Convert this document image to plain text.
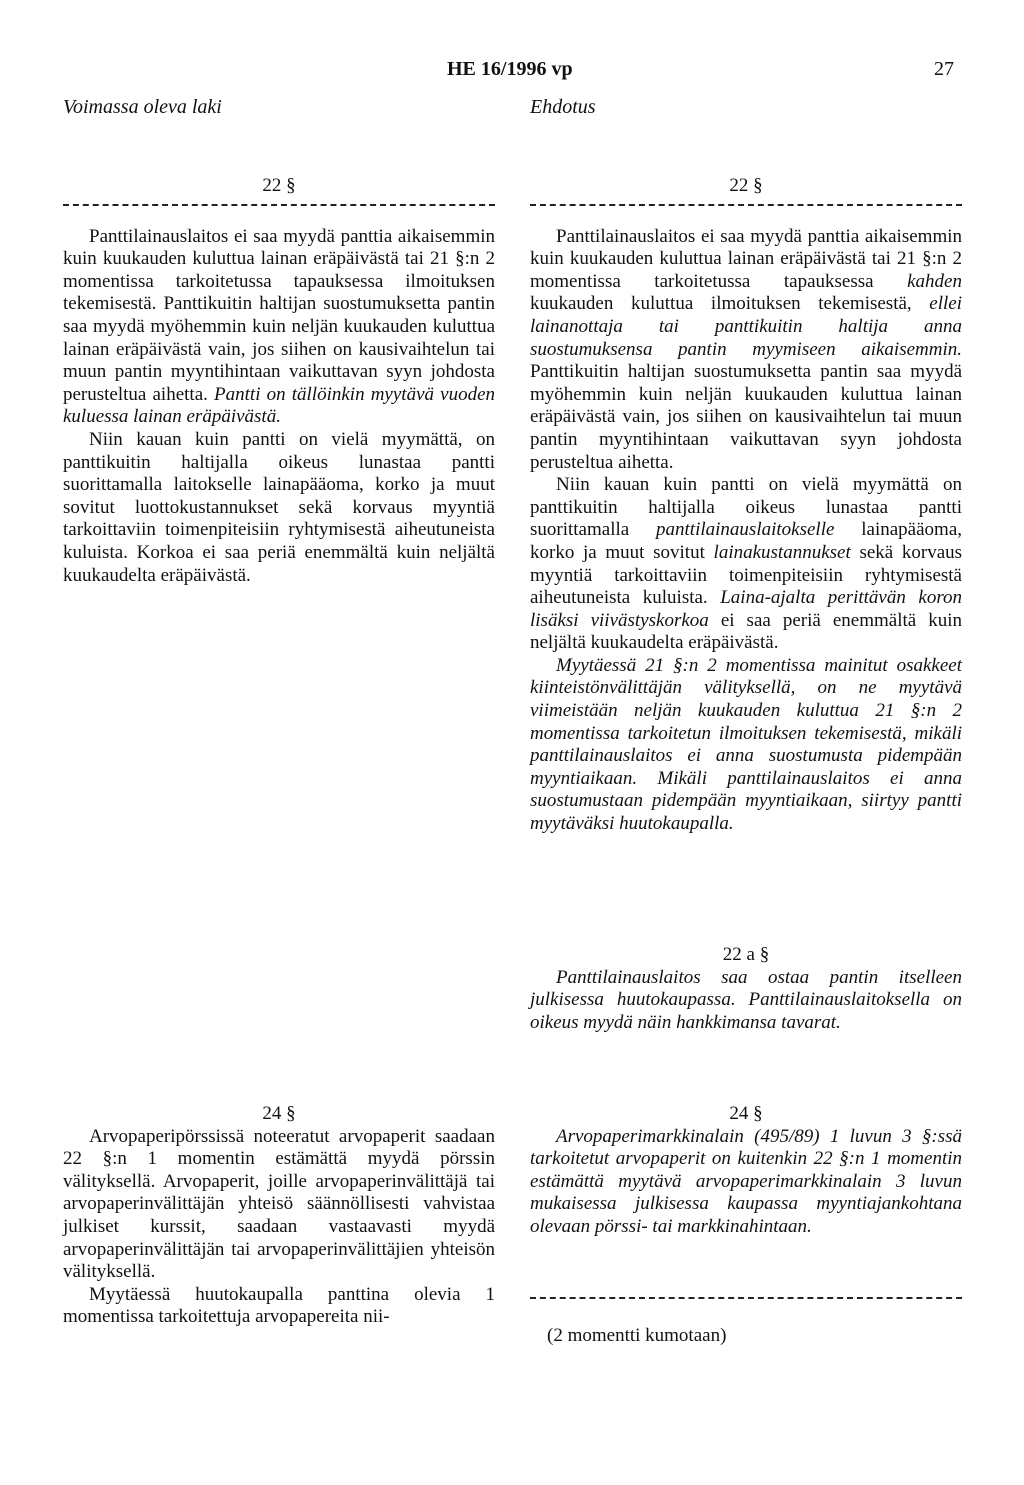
HE 16/1996 vp	27
Voimassa oleva laki	Ehdotus
22 §

Panttilainauslaitos ei saa myydä panttia aikaisemmin kuin kuukauden kuluttua lainan eräpäivästä tai 21 §:n 2 momentissa tarkoitetussa tapauksessa ilmoituksen tekemisestä. Panttikuitin haltijan suostumuksetta pantin saa myydä myöhemmin kuin neljän kuukauden kuluttua lainan eräpäivästä vain, jos siihen on kausivaihtelun tai muun pantin myyntihintaan vaikuttavan syyn johdosta perusteltua aihetta. Pantti on tällöinkin myytävä vuoden kuluessa lainan eräpäivästä.

Niin kauan kuin pantti on vielä myymättä, on panttikuitin haltijalla oikeus lunastaa pantti suorittamalla laitokselle lainapääoma, korko ja muut sovitut luottokustannukset sekä korvaus myyntiä tarkoittaviin toimenpiteisiin ryhtymisestä aiheutuneista kuluista. Korkoa ei saa periä enemmältä kuin neljältä kuukaudelta eräpäivästä.

24 §

Arvopaperipörssissä noteeratut arvopaperit saadaan 22 §:n 1 momentin estämättä myydä pörssin välityksellä. Arvopaperit, joille arvopaperinvälittäjä tai arvopaperinvälittäjän yhteisö säännöllisesti vahvistaa julkiset kurssit, saadaan vastaavasti myydä arvopaperinvälittäjän tai arvopaperinvälittäjien yhteisön välityksellä.

Myytäessä huutokaupalla panttina olevia 1 momentissa tarkoitettuja arvopapereita nii-

22 §

Panttilainauslaitos ei saa myydä panttia aikaisemmin kuin kuukauden kuluttua lainan eräpäivästä tai 21 §:n 2 momentissa tarkoitetussa tapauksessa kahden kuukauden kuluttua ilmoituksen tekemisestä, ellei lainanottaja tai panttikuitin haltija anna suostumuksensa pantin myymiseen aikaisemmin. Panttikuitin haltijan suostumuksetta pantin saa myydä myöhemmin kuin neljän kuukauden kuluttua lainan eräpäivästä vain, jos siihen on kausivaihtelun tai muun pantin myyntihintaan vaikuttavan syyn johdosta perusteltua aihetta.

Niin kauan kuin pantti on vielä myymättä on panttikuitin haltijalla oikeus lunastaa pantti suorittamalla panttilainauslaitokselle lainapääoma, korko ja muut sovitut lainakustannukset sekä korvaus myyntiä tarkoittaviin toimenpiteisiin ryhtymisestä aiheutuneista kuluista. Laina-ajalta perittävän koron lisäksi viivästyskorkoa ei saa periä enemmältä kuin neljältä kuukaudelta eräpäivästä.

Myytäessä 21 §:n 2 momentissa mainitut osakkeet kiinteistönvälittäjän välityksellä, on ne myytävä viimeistään neljän kuukauden kuluttua 21 §:n 2 momentissa tarkoitetun ilmoituksen tekemisestä, mikäli panttilainauslaitos ei anna suostumusta pidempään myyntiaikaan. Mikäli panttilainauslaitos ei anna suostumustaan pidempään myyntiaikaan, siirtyy pantti myytäväksi huutokaupalla.

22 a §

Panttilainauslaitos saa ostaa pantin itselleen julkisessa huutokaupassa. Panttilainauslaitoksella on oikeus myydä näin hankkimansa tavarat.

24 §

Arvopaperimarkkinalain (495/89) 1 luvun 3 §:ssä tarkoitetut arvopaperit on kuitenkin 22 §:n 1 momentin estämättä myytävä arvopaperimarkkinalain 3 luvun mukaisessa julkisessa kaupassa myyntiajankohtana olevaan pörssi- tai markkinahintaan.

(2 momentti kumotaan)
